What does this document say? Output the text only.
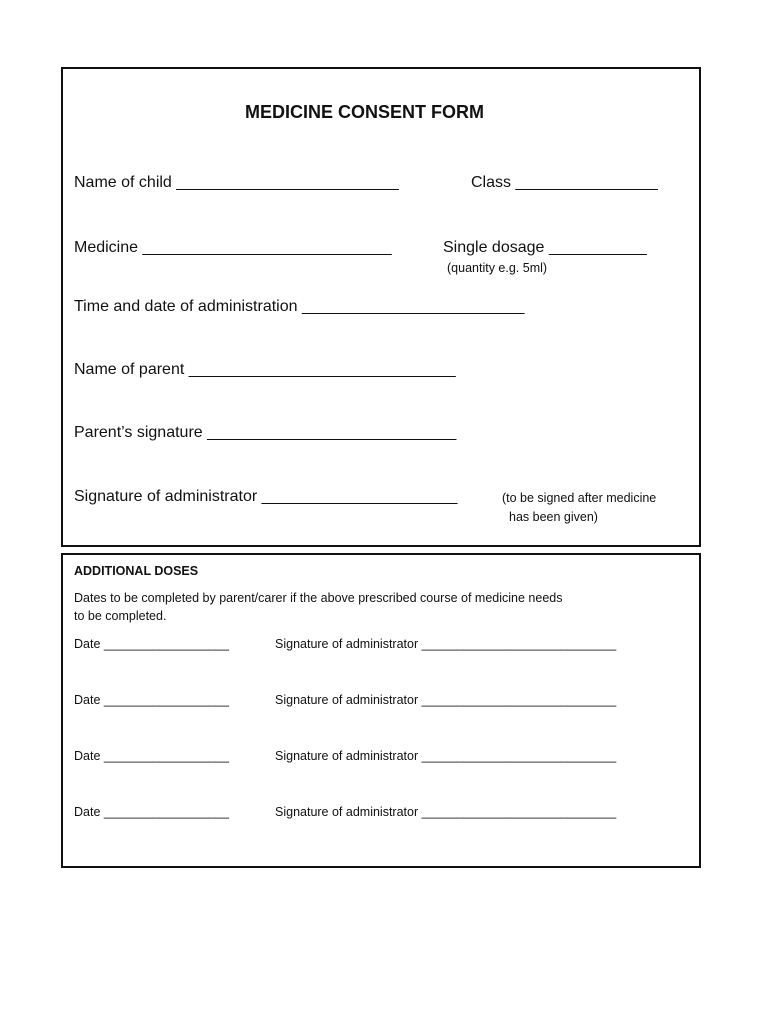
MEDICINE CONSENT FORM
Name of child _________________________	Class ________________
Medicine ____________________________	Single dosage ___________
(quantity e.g. 5ml)
Time and date of administration _________________________
Name of parent ______________________________
Parent’s signature ____________________________
Signature of administrator ______________________	(to be signed after medicine
has been given)
ADDITIONAL DOSES
Dates to be completed by parent/carer if the above prescribed course of medicine needs
to be completed.
Date __________________	Signature of administrator ____________________________
Date __________________	Signature of administrator ____________________________
Date __________________	Signature of administrator ____________________________
Date __________________	Signature of administrator ____________________________
